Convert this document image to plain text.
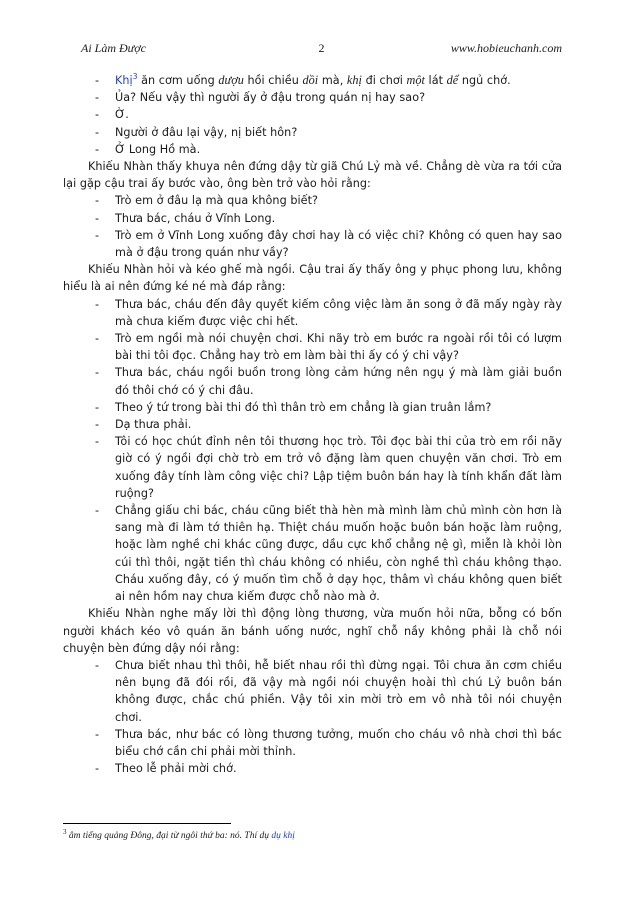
Ai Làm Được	2	www.hobieuchanh.com
- Khị$^3$ ăn cơm uống dượu hồi chiều dồi mà, khị đi chơi một lát dể ngủ chớ.
- Ủa? Nếu vậy thì người ấy ở đậu trong quán nị hay sao?
- Ờ.
- Người ở đâu lại vậy, nị biết hôn?
- Ở Long Hồ mà.
Khiếu Nhàn thấy khuya nên đứng dậy từ giã Chú Lỷ mà về. Chẳng dè vừa ra tới cửa lại gặp cậu trai ấy bước vào, ông bèn trở vào hỏi rằng:
- Trò em ở đâu lạ mà qua không biết?
- Thưa bác, cháu ở Vĩnh Long.
- Trò em ở Vĩnh Long xuống đây chơi hay là có việc chi? Không có quen hay sao mà ở đậu trong quán như vầy?
Khiếu Nhàn hỏi và kéo ghế mà ngồi. Cậu trai ấy thấy ông y phục phong lưu, không hiểu là ai nên đứng ké né mà đáp rằng:
- Thưa bác, cháu đến đây quyết kiếm công việc làm ăn song ở đã mấy ngày rày mà chưa kiếm được việc chi hết.
- Trò em ngồi mà nói chuyện chơi. Khi nãy trò em bước ra ngoài rồi tôi có lượm bài thi tôi đọc. Chẳng hay trò em làm bài thi ấy có ý chi vậy?
- Thưa bác, cháu ngồi buồn trong lòng cảm hứng nên ngụ ý mà làm giải buồn đó thôi chớ có ý chi đâu.
- Theo ý tứ trong bài thi đó thì thân trò em chẳng là gian truân lắm?
- Dạ thưa phải.
- Tôi có học chút đỉnh nên tôi thương học trò. Tôi đọc bài thi của trò em rồi nãy giờ có ý ngồi đợi chờ trò em trở vô đặng làm quen chuyện văn chơi. Trò em xuống đây tính làm công việc chi? Lập tiệm buôn bán hay là tính khẩn đất làm ruộng?
- Chẳng giấu chi bác, cháu cũng biết thà hèn mà mình làm chủ mình còn hơn là sang mà đi làm tớ thiên hạ. Thiệt cháu muốn hoặc buôn bán hoặc làm ruộng, hoặc làm nghề chi khác cũng được, dầu cực khổ chẳng nệ gì, miễn là khỏi lòn cúi thì thôi, ngặt tiền thì cháu không có nhiều, còn nghề thì cháu không thạo. Cháu xuống đây, có ý muốn tìm chỗ ở dạy học, thâm vì cháu không quen biết ai nên hồm nay chưa kiếm được chỗ nào mà ở.
Khiếu Nhàn nghe mấy lời thì động lòng thương, vừa muốn hỏi nữa, bỗng có bốn người khách kéo vô quán ăn bánh uống nước, nghĩ chỗ nầy không phải là chỗ nói chuyện bèn đứng dậy nói rằng:
- Chưa biết nhau thì thôi, hễ biết nhau rồi thì đừng ngại. Tôi chưa ăn cơm chiều nên bụng đã đói rồi, đã vậy mà ngồi nói chuyện hoài thì chú Lỷ buôn bán không được, chắc chú phiền. Vậy tôi xin mời trò em vô nhà tôi nói chuyện chơi.
- Thưa bác, như bác có lòng thương tưởng, muốn cho cháu vô nhà chơi thì bác biểu chớ cần chi phải mời thỉnh.
- Theo lễ phải mời chớ.
$^3$ âm tiếng quảng Đông, đại từ ngôi thứ ba: nó. Thí dụ dụ khị
